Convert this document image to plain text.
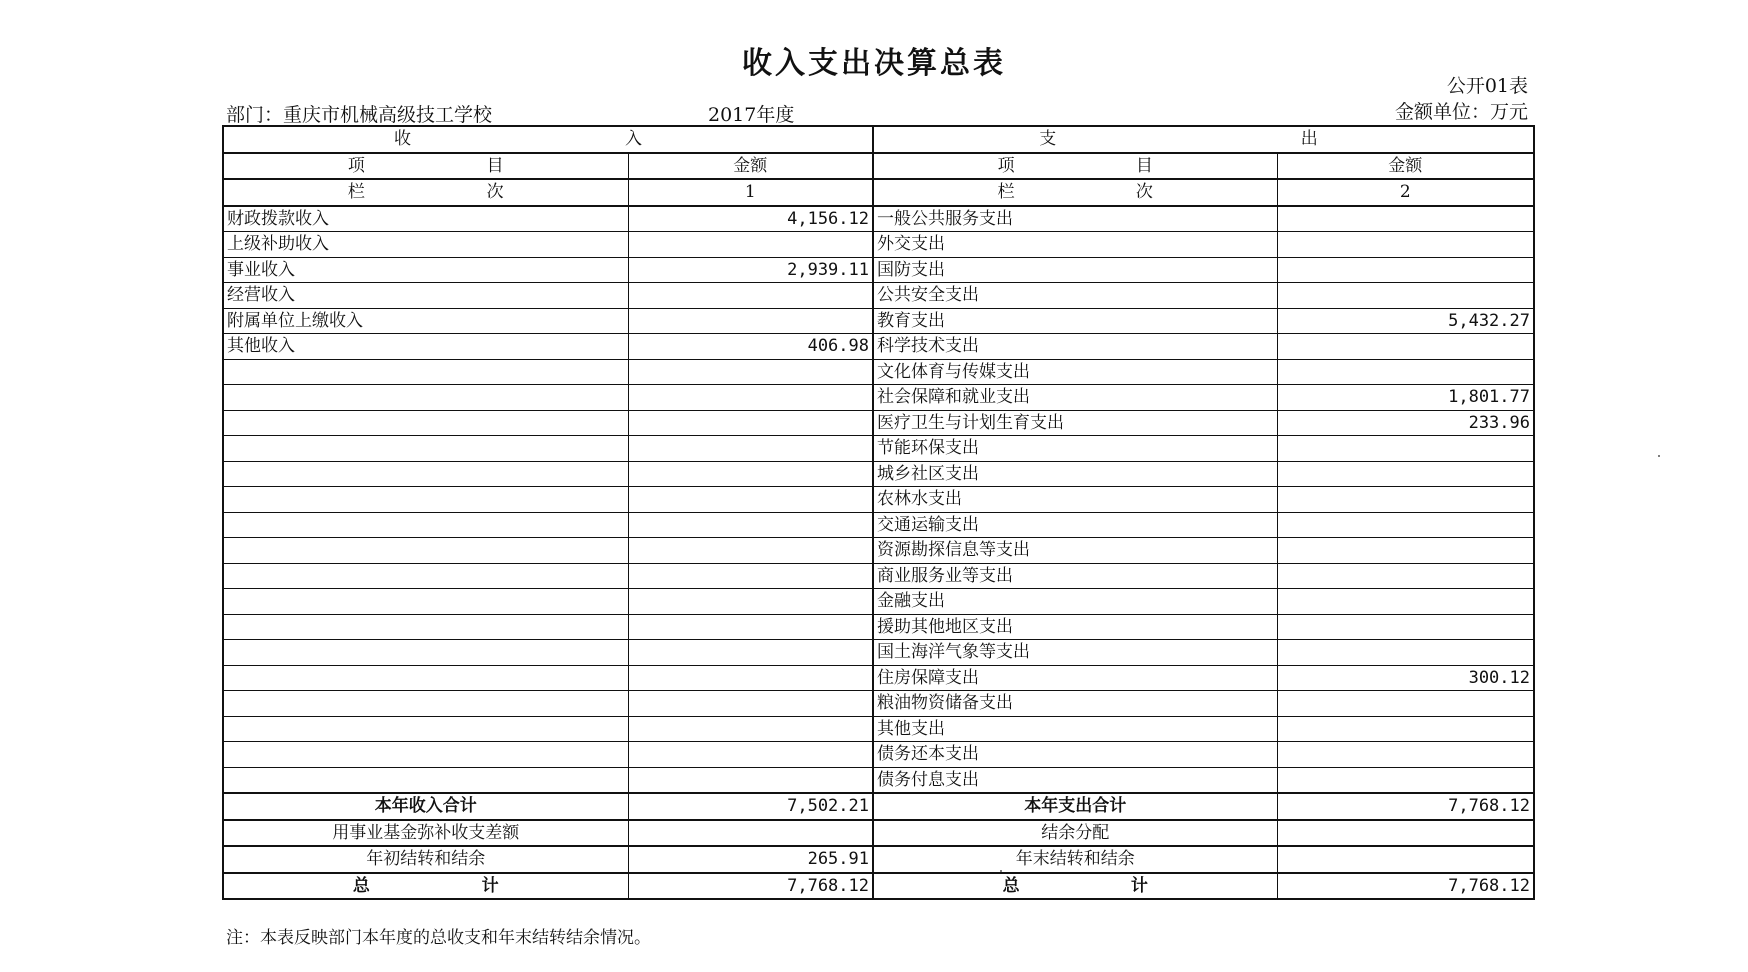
收入支出决算总表
公开01表
部门：重庆市机械高级技工学校	2017年度	金额单位：万元
收 入		支 出	

项 目	金额	项 目	金额

栏 次	1	栏 次	2
财政拨款收入	4,156.12	一般公共服务支出	
上级补助收入		外交支出	
事业收入	2,939.11	国防支出	
经营收入		公共安全支出	
附属单位上缴收入		教育支出	5,432.27
其他收入	406.98	科学技术支出	
		文化体育与传媒支出	
		社会保障和就业支出	1,801.77
		医疗卫生与计划生育支出	233.96
		节能环保支出	
		城乡社区支出	
		农林水支出	
		交通运输支出	
		资源勘探信息等支出	
		商业服务业等支出	
		金融支出	
		援助其他地区支出	
		国土海洋气象等支出	
		住房保障支出	300.12
		粮油物资储备支出	
		其他支出	
		债务还本支出	
		债务付息支出	
本年收入合计	7,502.21	本年支出合计	7,768.12
用事业基金弥补收支差额		结余分配	
年初结转和结余	265.91	年末结转和结余	

总 计	7,768.12	总 计	7,768.12
注：本表反映部门本年度的总收支和年末结转结余情况。
